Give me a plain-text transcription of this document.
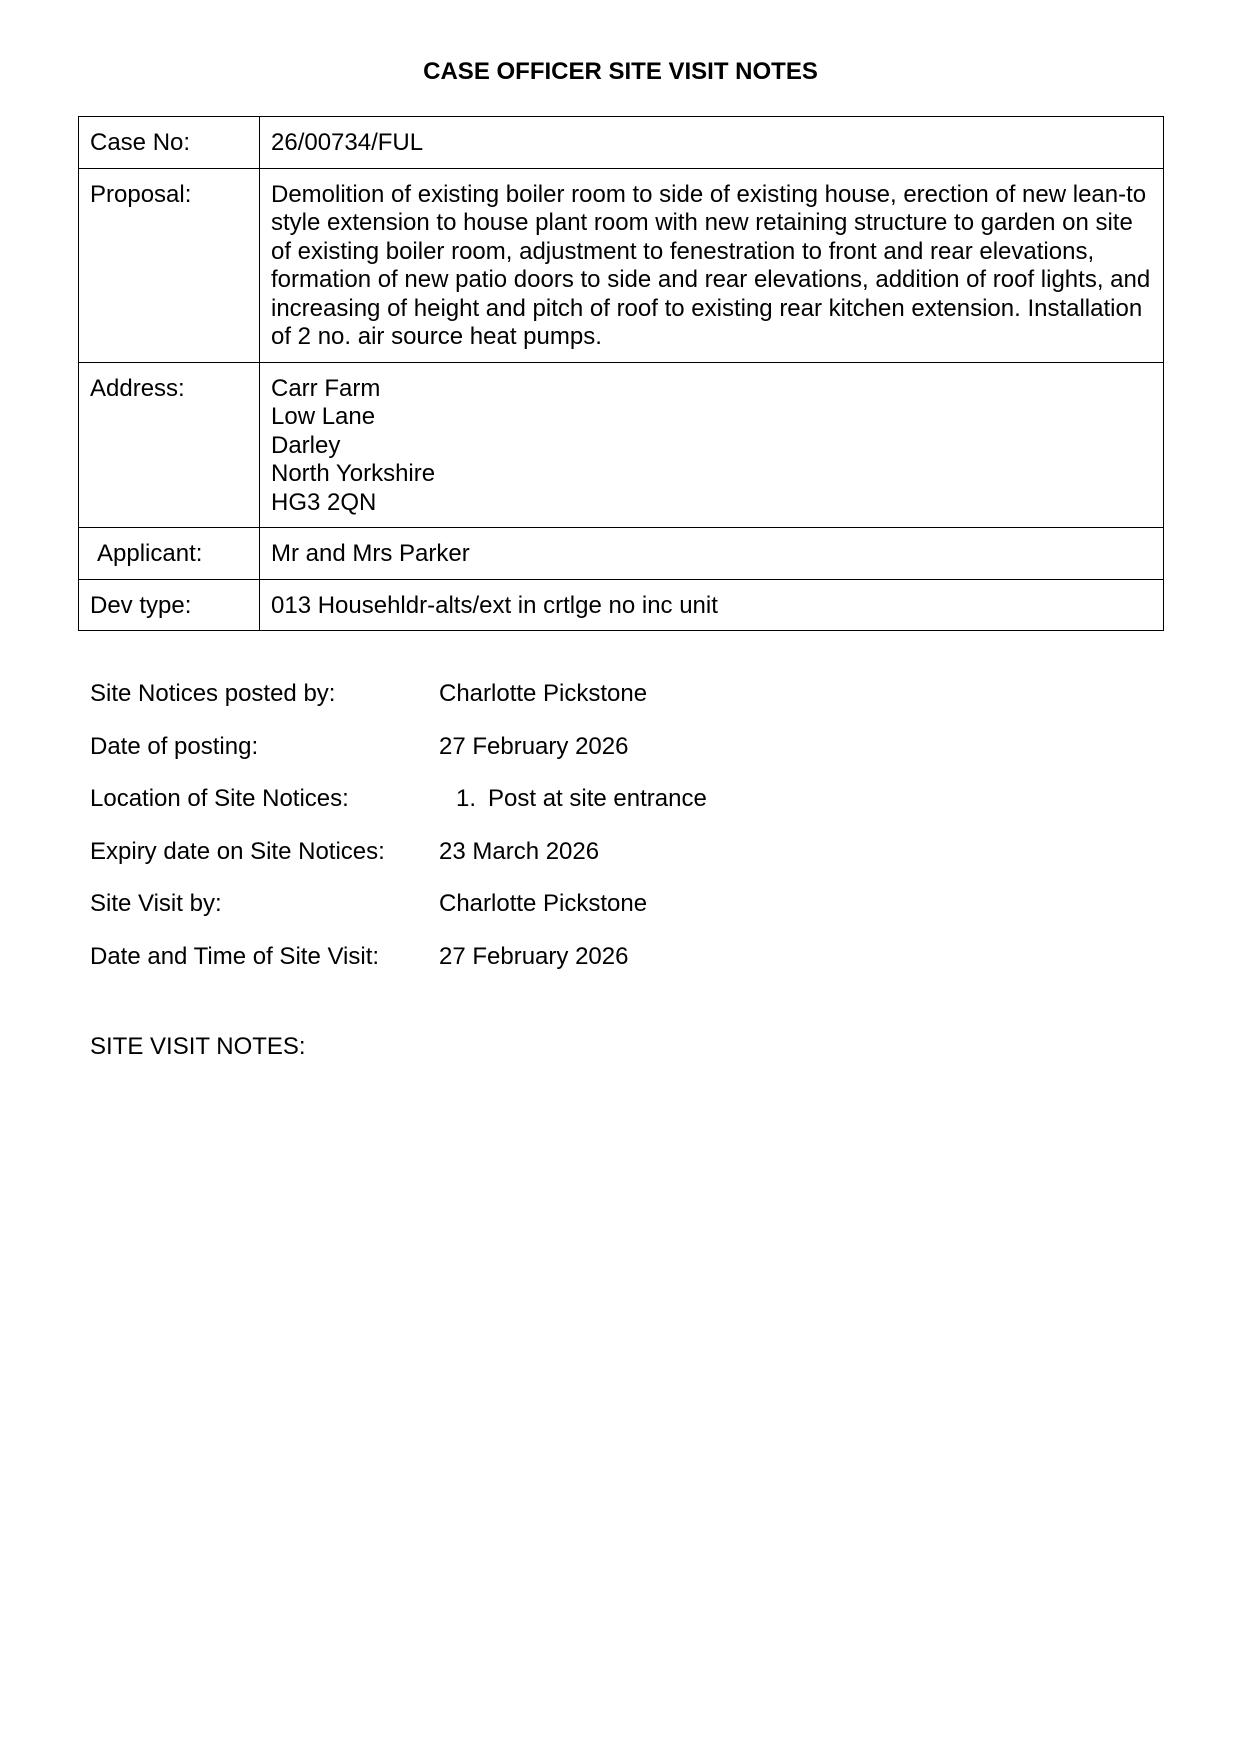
CASE OFFICER SITE VISIT NOTES
Case No:	26/00734/FUL
Proposal:	Demolition of existing boiler room to side of existing house, erection of new lean-to style extension to house plant room with new retaining structure to garden on site of existing boiler room, adjustment to fenestration to front and rear elevations, formation of new patio doors to side and rear elevations, addition of roof lights, and increasing of height and pitch of roof to existing rear kitchen extension. Installation of 2 no. air source heat pumps.
Address:	Carr Farm
Low Lane
Darley
North Yorkshire
HG3 2QN

Applicant:	Mr and Mrs Parker
Dev type:	013 Househldr-alts/ext in crtlge no inc unit
Site Notices posted by:	Charlotte Pickstone
Date of posting:	27 February 2026
Location of Site Notices:	1. Post at site entrance
Expiry date on Site Notices:	23 March 2026
Site Visit by:	Charlotte Pickstone
Date and Time of Site Visit:	27 February 2026
SITE VISIT NOTES:
